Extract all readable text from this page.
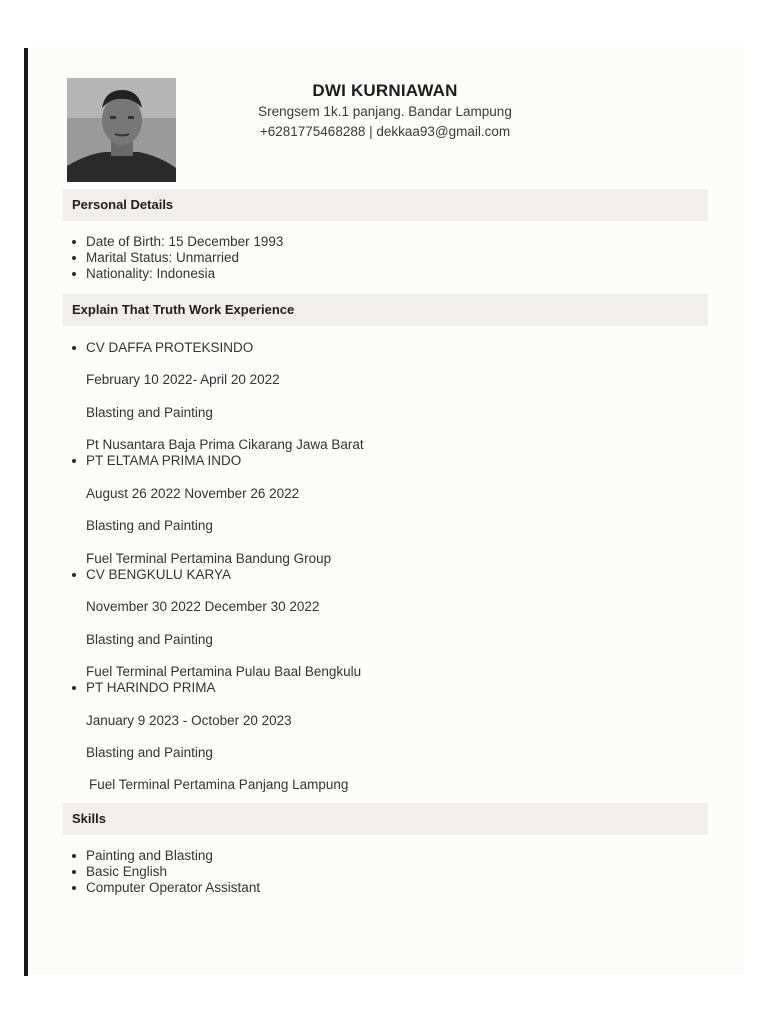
DWI KURNIAWAN
Srengsem 1k.1 panjang. Bandar Lampung
+6281775468288 | dekkaa93@gmail.com
Personal Details
Date of Birth: 15 December 1993
Marital Status: Unmarried
Nationality: Indonesia
Explain That Truth Work Experience
CV DAFFA PROTEKSINDO
February 10 2022- April 20 2022
Blasting and Painting
Pt Nusantara Baja Prima Cikarang Jawa Barat
PT ELTAMA PRIMA INDO
August 26 2022 November 26 2022
Blasting and Painting
Fuel Terminal Pertamina Bandung Group
CV BENGKULU KARYA
November 30 2022 December 30 2022
Blasting and Painting
Fuel Terminal Pertamina Pulau Baal Bengkulu
PT HARINDO PRIMA
January 9 2023 - October 20 2023
Blasting and Painting
Fuel Terminal Pertamina Panjang Lampung
Skills
Painting and Blasting
Basic English
Computer Operator Assistant
